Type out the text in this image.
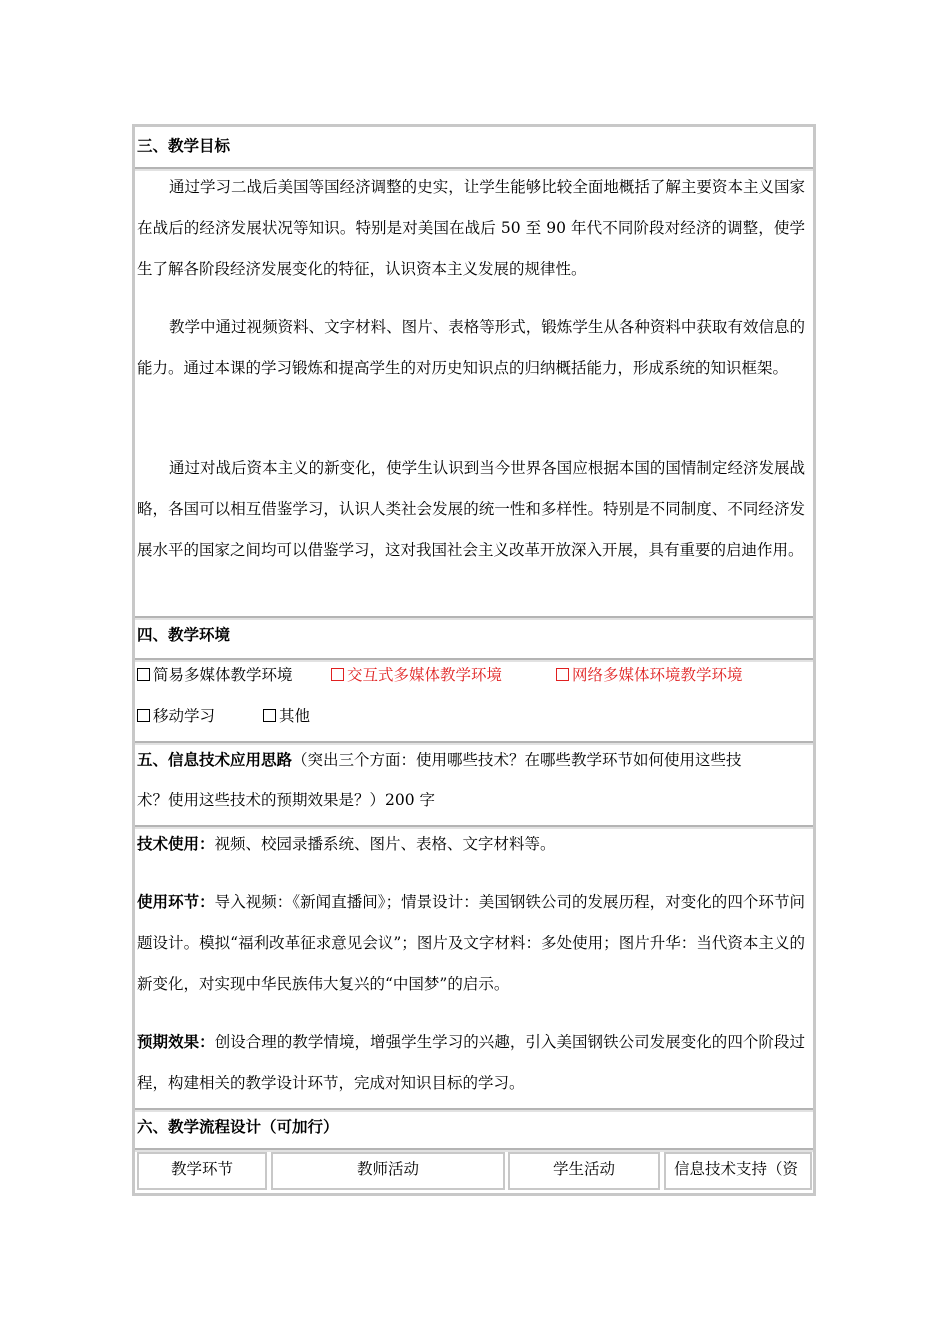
三、教学目标
通过学习二战后美国等国经济调整的史实，让学生能够比较全面地概括了解主要资本主义国家在战后的经济发展状况等知识。特别是对美国在战后 50 至 90 年代不同阶段对经济的调整，使学生了解各阶段经济发展变化的特征，认识资本主义发展的规律性。
教学中通过视频资料、文字材料、图片、表格等形式，锻炼学生从各种资料中获取有效信息的能力。通过本课的学习锻炼和提高学生的对历史知识点的归纳概括能力，形成系统的知识框架。
通过对战后资本主义的新变化，使学生认识到当今世界各国应根据本国的国情制定经济发展战略，各国可以相互借鉴学习，认识人类社会发展的统一性和多样性。特别是不同制度、不同经济发展水平的国家之间均可以借鉴学习，这对我国社会主义改革开放深入开展，具有重要的启迪作用。
四、教学环境
简易多媒体教学环境	交互式多媒体教学环境	网络多媒体环境教学环境
移动学习	其他
五、信息技术应用思路（突出三个方面：使用哪些技术？在哪些教学环节如何使用这些技
术？使用这些技术的预期效果是？）200 字
技术使用：视频、校园录播系统、图片、表格、文字材料等。
使用环节：导入视频：《新闻直播间》；情景设计：美国钢铁公司的发展历程，对变化的四个环节问题设计。模拟“福利改革征求意见会议”；图片及文字材料：多处使用；图片升华：当代资本主义的新变化，对实现中华民族伟大复兴的“中国梦”的启示。
预期效果：创设合理的教学情境，增强学生学习的兴趣，引入美国钢铁公司发展变化的四个阶段过程，构建相关的教学设计环节，完成对知识目标的学习。
六、教学流程设计（可加行）
教学环节	教师活动	学生活动	信息技术支持（资
